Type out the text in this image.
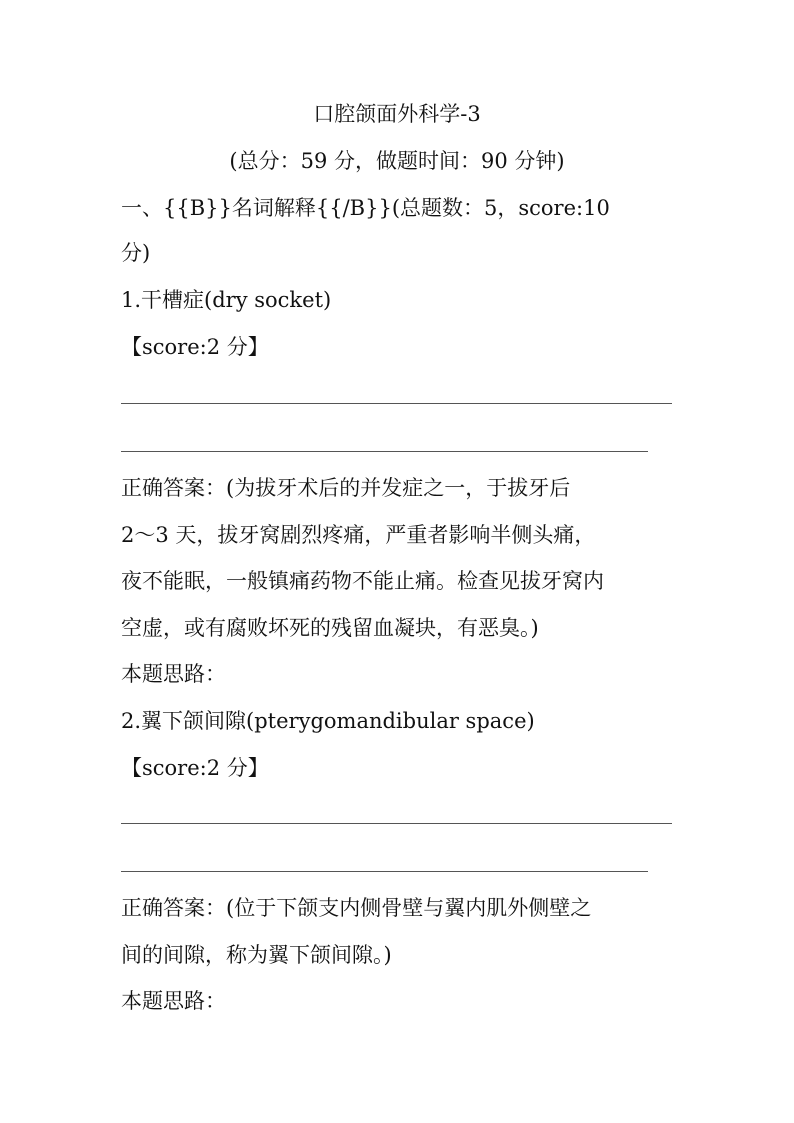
口腔颌面外科学-3
(总分：59 分，做题时间：90 分钟)
一、{{B}}名词解释{{/B}}(总题数：5，score:10
分)
1.干槽症(dry socket)
【score:2 分】
正确答案：(为拔牙术后的并发症之一，于拔牙后
2～3 天，拔牙窝剧烈疼痛，严重者影响半侧头痛，
夜不能眠，一般镇痛药物不能止痛。检查见拔牙窝内
空虚，或有腐败坏死的残留血凝块，有恶臭。)
本题思路：
2.翼下颌间隙(pterygomandibular space)
【score:2 分】
正确答案：(位于下颌支内侧骨壁与翼内肌外侧壁之
间的间隙，称为翼下颌间隙。)
本题思路：
